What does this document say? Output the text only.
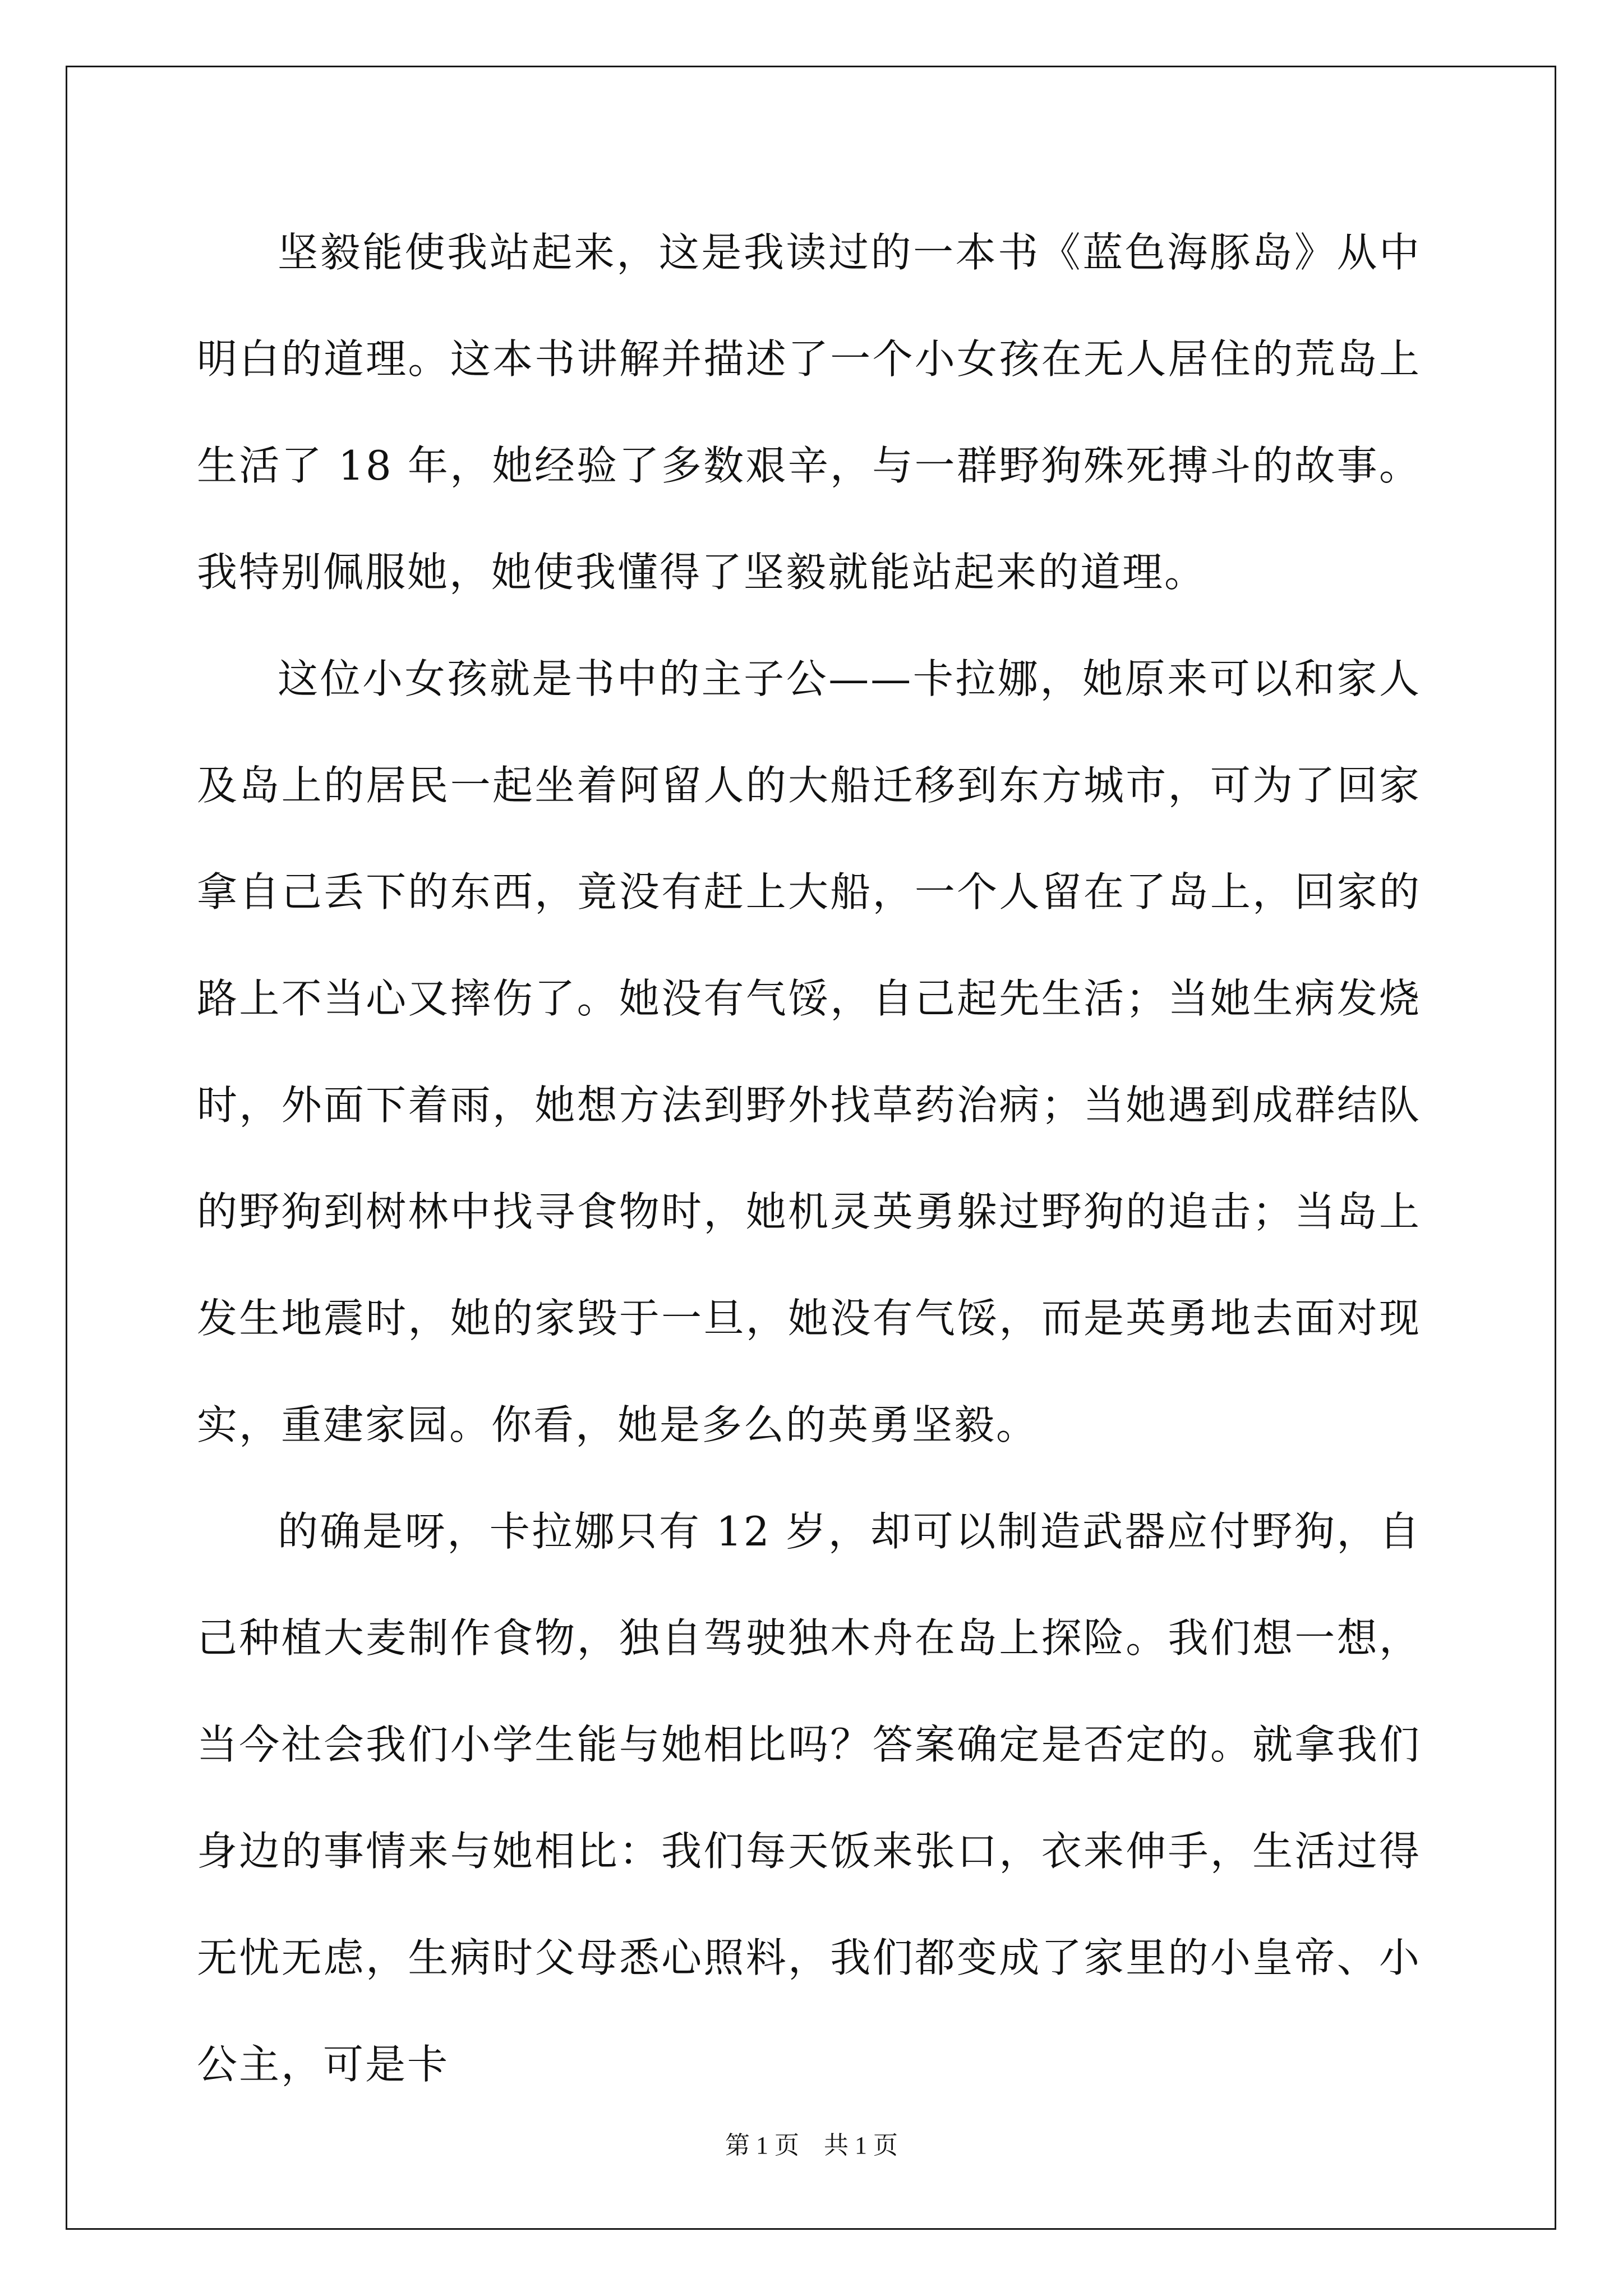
坚毅能使我站起来，这是我读过的一本书《蓝色海豚岛》从中明白的道理。这本书讲解并描述了一个小女孩在无人居住的荒岛上生活了 18 年，她经验了多数艰辛，与一群野狗殊死搏斗的故事。我特别佩服她，她使我懂得了坚毅就能站起来的道理。

这位小女孩就是书中的主子公——卡拉娜，她原来可以和家人及岛上的居民一起坐着阿留人的大船迁移到东方城市，可为了回家拿自己丢下的东西，竟没有赶上大船，一个人留在了岛上，回家的路上不当心又摔伤了。她没有气馁，自己起先生活；当她生病发烧时，外面下着雨，她想方法到野外找草药治病；当她遇到成群结队的野狗到树林中找寻食物时，她机灵英勇躲过野狗的追击；当岛上发生地震时，她的家毁于一旦，她没有气馁，而是英勇地去面对现实，重建家园。你看，她是多么的英勇坚毅。

的确是呀，卡拉娜只有 12 岁，却可以制造武器应付野狗，自己种植大麦制作食物，独自驾驶独木舟在岛上探险。我们想一想，当今社会我们小学生能与她相比吗？答案确定是否定的。就拿我们身边的事情来与她相比：我们每天饭来张口，衣来伸手，生活过得无忧无虑，生病时父母悉心照料，我们都变成了家里的小皇帝、小公主，可是卡

第 1 页　共 1 页
